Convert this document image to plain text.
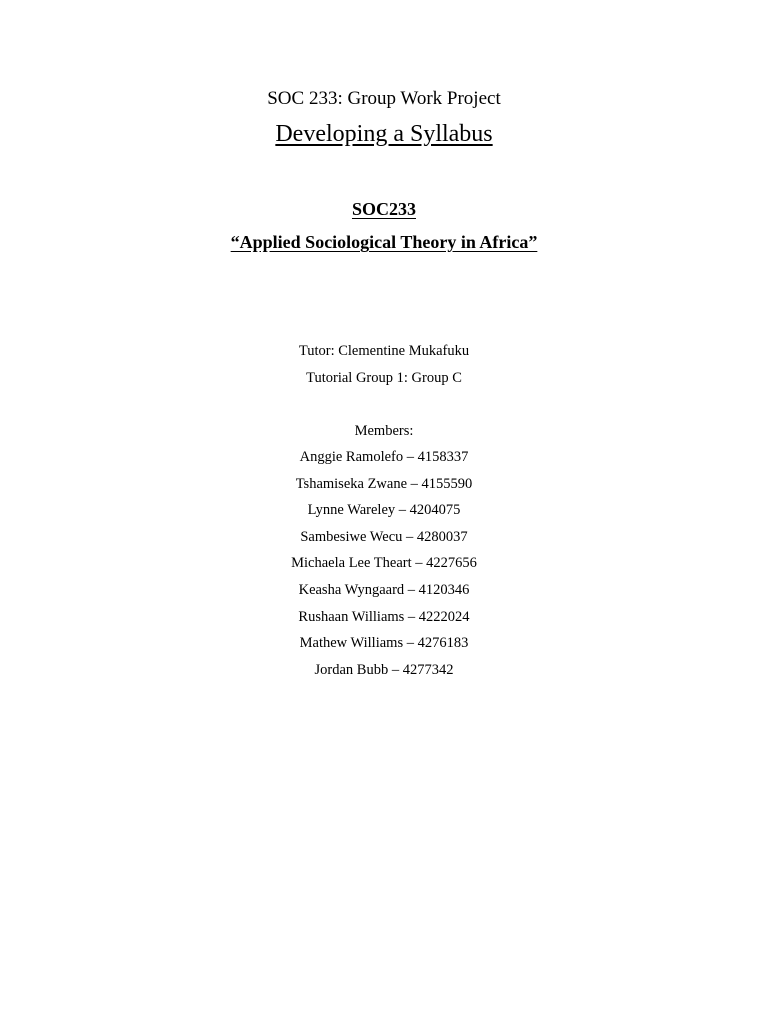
SOC 233: Group Work Project
Developing a Syllabus
SOC233
“Applied Sociological Theory in Africa”
Tutor: Clementine Mukafuku
Tutorial Group 1: Group C
Members:
Anggie Ramolefo – 4158337
Tshamiseka Zwane – 4155590
Lynne Wareley – 4204075
Sambesiwe Wecu – 4280037
Michaela Lee Theart – 4227656
Keasha Wyngaard – 4120346
Rushaan Williams – 4222024
Mathew Williams – 4276183
Jordan Bubb – 4277342
